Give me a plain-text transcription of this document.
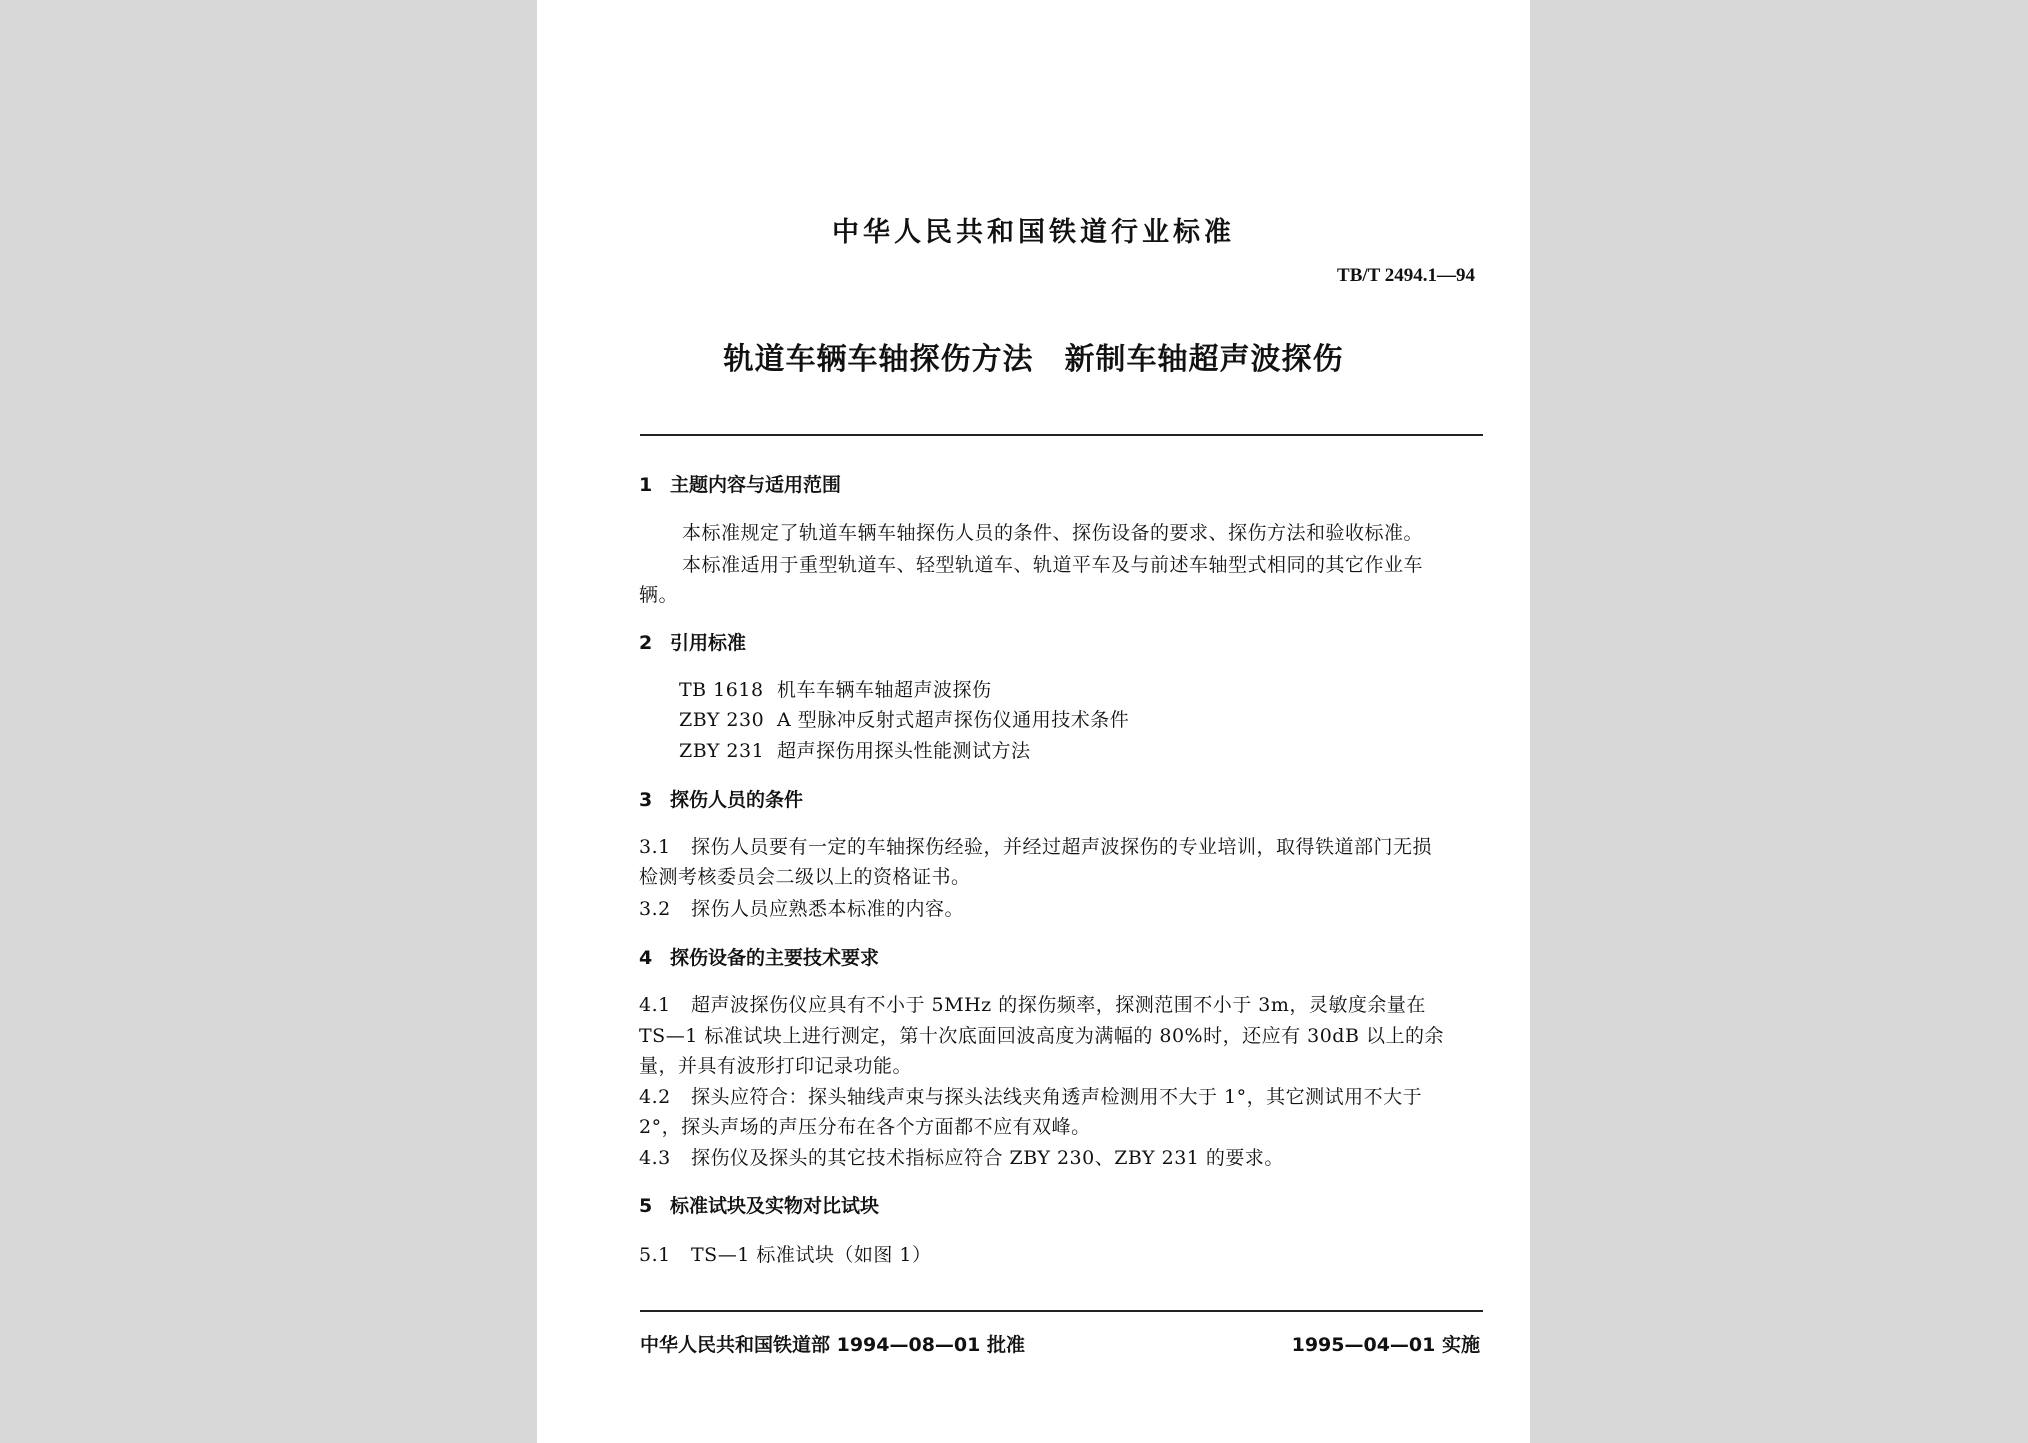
中华人民共和国铁道行业标准
TB/T 2494.1—94
轨道车辆车轴探伤方法　新制车轴超声波探伤
1 主题内容与适用范围
本标准规定了轨道车辆车轴探伤人员的条件、探伤设备的要求、探伤方法和验收标准。
本标准适用于重型轨道车、轻型轨道车、轨道平车及与前述车轴型式相同的其它作业车
辆。
2 引用标准
TB 1618 机车车辆车轴超声波探伤
ZBY 230 A 型脉冲反射式超声探伤仪通用技术条件
ZBY 231 超声探伤用探头性能测试方法
3 探伤人员的条件
3.1 探伤人员要有一定的车轴探伤经验，并经过超声波探伤的专业培训，取得铁道部门无损
检测考核委员会二级以上的资格证书。
3.2 探伤人员应熟悉本标准的内容。
4 探伤设备的主要技术要求
4.1 超声波探伤仪应具有不小于 5MHz 的探伤频率，探测范围不小于 3m，灵敏度余量在
TS—1 标准试块上进行测定，第十次底面回波高度为满幅的 80%时，还应有 30dB 以上的余
量，并具有波形打印记录功能。
4.2 探头应符合：探头轴线声束与探头法线夹角透声检测用不大于 1°，其它测试用不大于
2°，探头声场的声压分布在各个方面都不应有双峰。
4.3 探伤仪及探头的其它技术指标应符合 ZBY 230、ZBY 231 的要求。
5 标准试块及实物对比试块
5.1 TS—1 标准试块（如图 1）
中华人民共和国铁道部 1994—08—01 批准	1995—04—01 实施
